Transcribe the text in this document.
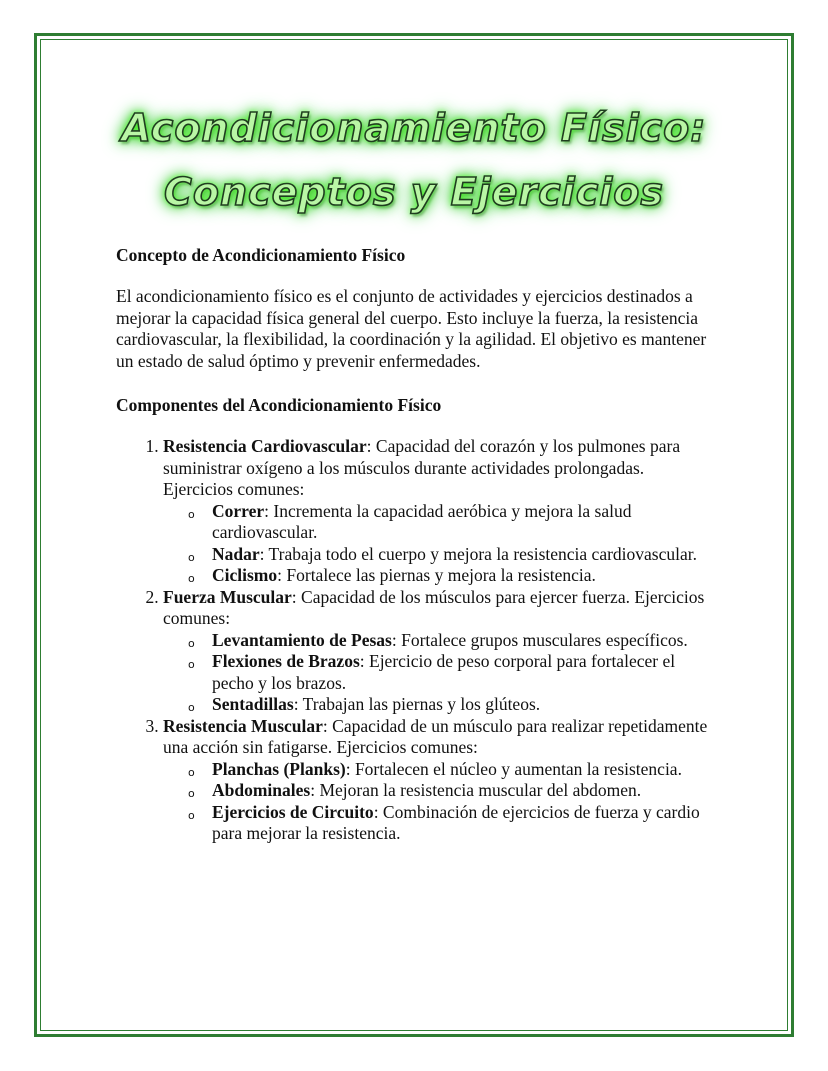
Acondicionamiento Físico:
Conceptos y Ejercicios
Concepto de Acondicionamiento Físico

El acondicionamiento físico es el conjunto de actividades y ejercicios destinados a mejorar la capacidad física general del cuerpo. Esto incluye la fuerza, la resistencia cardiovascular, la flexibilidad, la coordinación y la agilidad. El objetivo es mantener un estado de salud óptimo y prevenir enfermedades.

Componentes del Acondicionamiento Físico
1. Resistencia Cardiovascular: Capacidad del corazón y los pulmones para suministrar oxígeno a los músculos durante actividades prolongadas. Ejercicios comunes:
o Correr: Incrementa la capacidad aeróbica y mejora la salud cardiovascular.
o Nadar: Trabaja todo el cuerpo y mejora la resistencia cardiovascular.
o Ciclismo: Fortalece las piernas y mejora la resistencia.
2. Fuerza Muscular: Capacidad de los músculos para ejercer fuerza. Ejercicios comunes:
o Levantamiento de Pesas: Fortalece grupos musculares específicos.
o Flexiones de Brazos: Ejercicio de peso corporal para fortalecer el pecho y los brazos.
o Sentadillas: Trabajan las piernas y los glúteos.
3. Resistencia Muscular: Capacidad de un músculo para realizar repetidamente una acción sin fatigarse. Ejercicios comunes:
o Planchas (Planks): Fortalecen el núcleo y aumentan la resistencia.
o Abdominales: Mejoran la resistencia muscular del abdomen.
o Ejercicios de Circuito: Combinación de ejercicios de fuerza y cardio para mejorar la resistencia.
